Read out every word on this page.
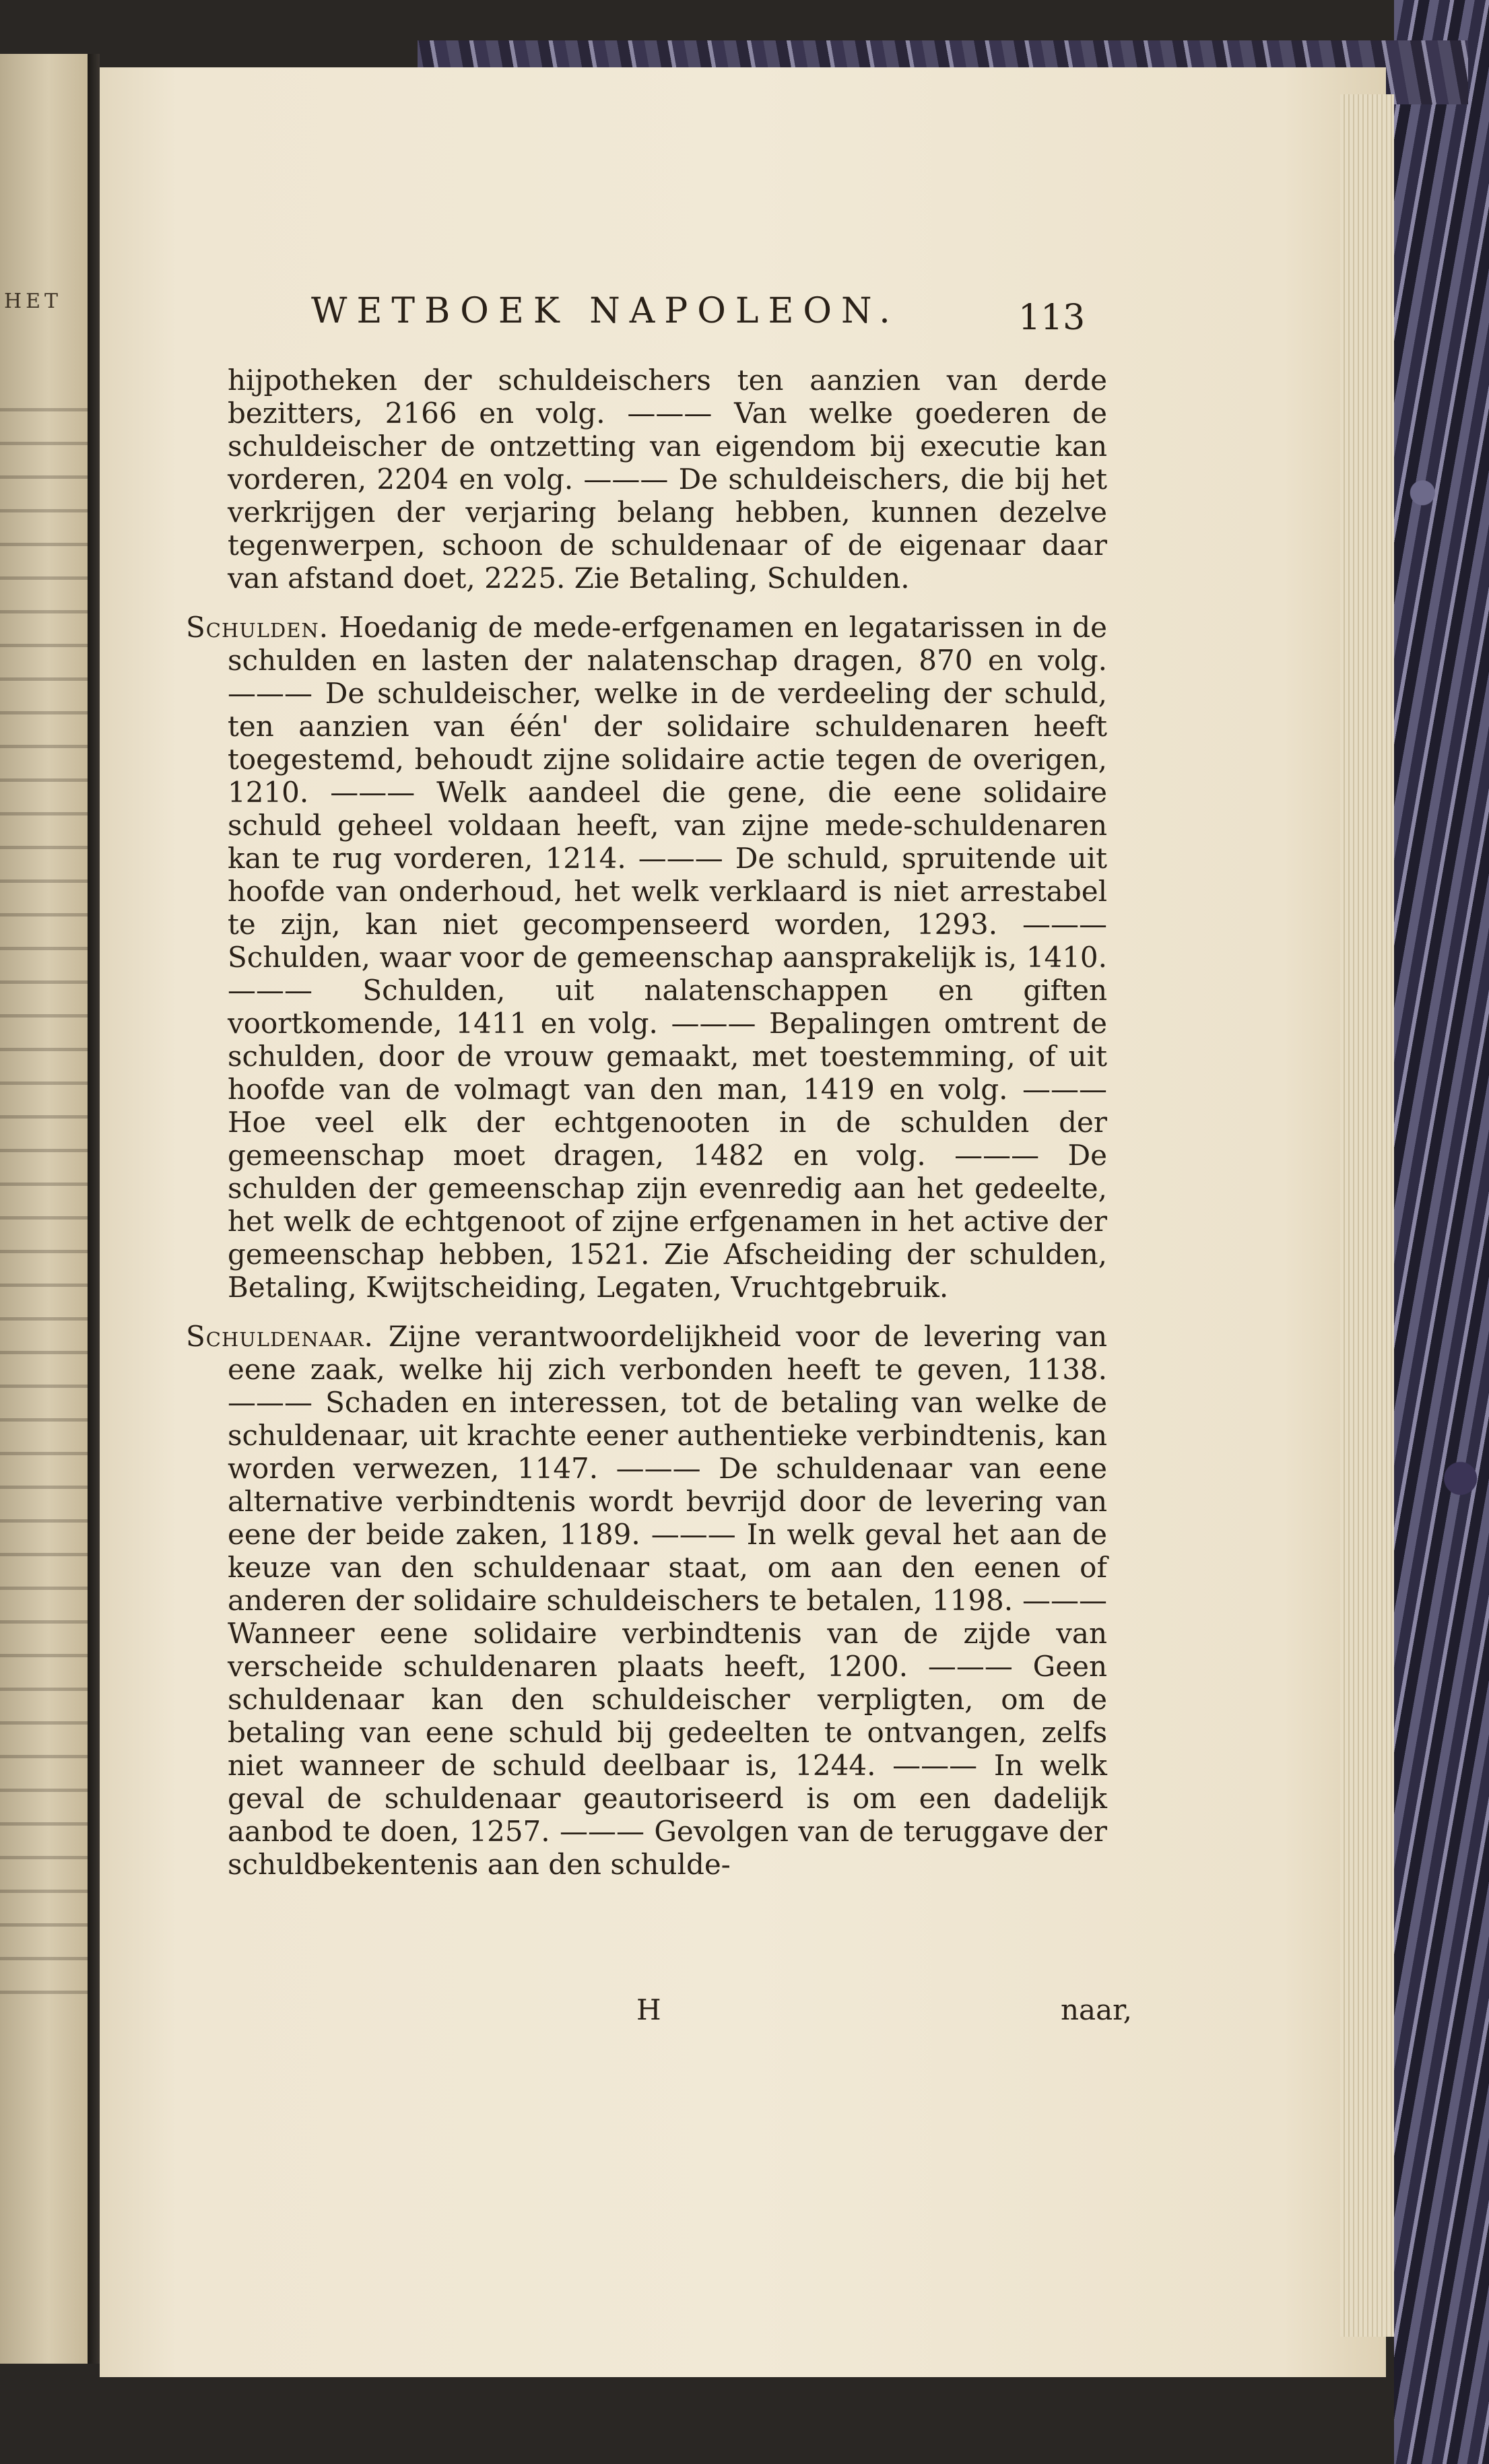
HET	WETBOEK NAPOLEON.	113

hijpotheken der schuldeischers ten aanzien van derde bezitters, 2166 en volg. ——— Van welke goederen de schuldeischer de ontzetting van eigendom bij executie kan vorderen, 2204 en volg. ——— De schuldeischers, die bij het verkrijgen der verjaring belang hebben, kunnen dezelve tegenwerpen, schoon de schuldenaar of de eigenaar daar van afstand doet, 2225. Zie Betaling, Schulden.

Schulden. Hoedanig de mede-erfgenamen en legatarissen in de schulden en lasten der nalatenschap dragen, 870 en volg. ——— De schuldeischer, welke in de verdeeling der schuld, ten aanzien van één' der solidaire schuldenaren heeft toegestemd, behoudt zijne solidaire actie tegen de overigen, 1210. ——— Welk aandeel die gene, die eene solidaire schuld geheel voldaan heeft, van zijne mede-schuldenaren kan te rug vorderen, 1214. ——— De schuld, spruitende uit hoofde van onderhoud, het welk verklaard is niet arrestabel te zijn, kan niet gecompenseerd worden, 1293. ——— Schulden, waar voor de gemeenschap aansprakelijk is, 1410. ——— Schulden, uit nalatenschappen en giften voortkomende, 1411 en volg. ——— Bepalingen omtrent de schulden, door de vrouw gemaakt, met toestemming, of uit hoofde van de volmagt van den man, 1419 en volg. ——— Hoe veel elk der echtgenooten in de schulden der gemeenschap moet dragen, 1482 en volg. ——— De schulden der gemeenschap zijn evenredig aan het gedeelte, het welk de echtgenoot of zijne erfgenamen in het active der gemeenschap hebben, 1521. Zie Afscheiding der schulden, Betaling, Kwijtscheiding, Legaten, Vruchtgebruik.

Schuldenaar. Zijne verantwoordelijkheid voor de levering van eene zaak, welke hij zich verbonden heeft te geven, 1138. ——— Schaden en interessen, tot de betaling van welke de schuldenaar, uit krachte eener authentieke verbindtenis, kan worden verwezen, 1147. ——— De schuldenaar van eene alternative verbindtenis wordt bevrijd door de levering van eene der beide zaken, 1189. ——— In welk geval het aan de keuze van den schuldenaar staat, om aan den eenen of anderen der solidaire schuldeischers te betalen, 1198. ——— Wanneer eene solidaire verbindtenis van de zijde van verscheide schuldenaren plaats heeft, 1200. ——— Geen schuldenaar kan den schuldeischer verpligten, om de betaling van eene schuld bij gedeelten te ontvangen, zelfs niet wanneer de schuld deelbaar is, 1244. ——— In welk geval de schuldenaar geautoriseerd is om een dadelijk aanbod te doen, 1257. ——— Gevolgen van de teruggave der schuldbekentenis aan den schulde-

H	naar,
